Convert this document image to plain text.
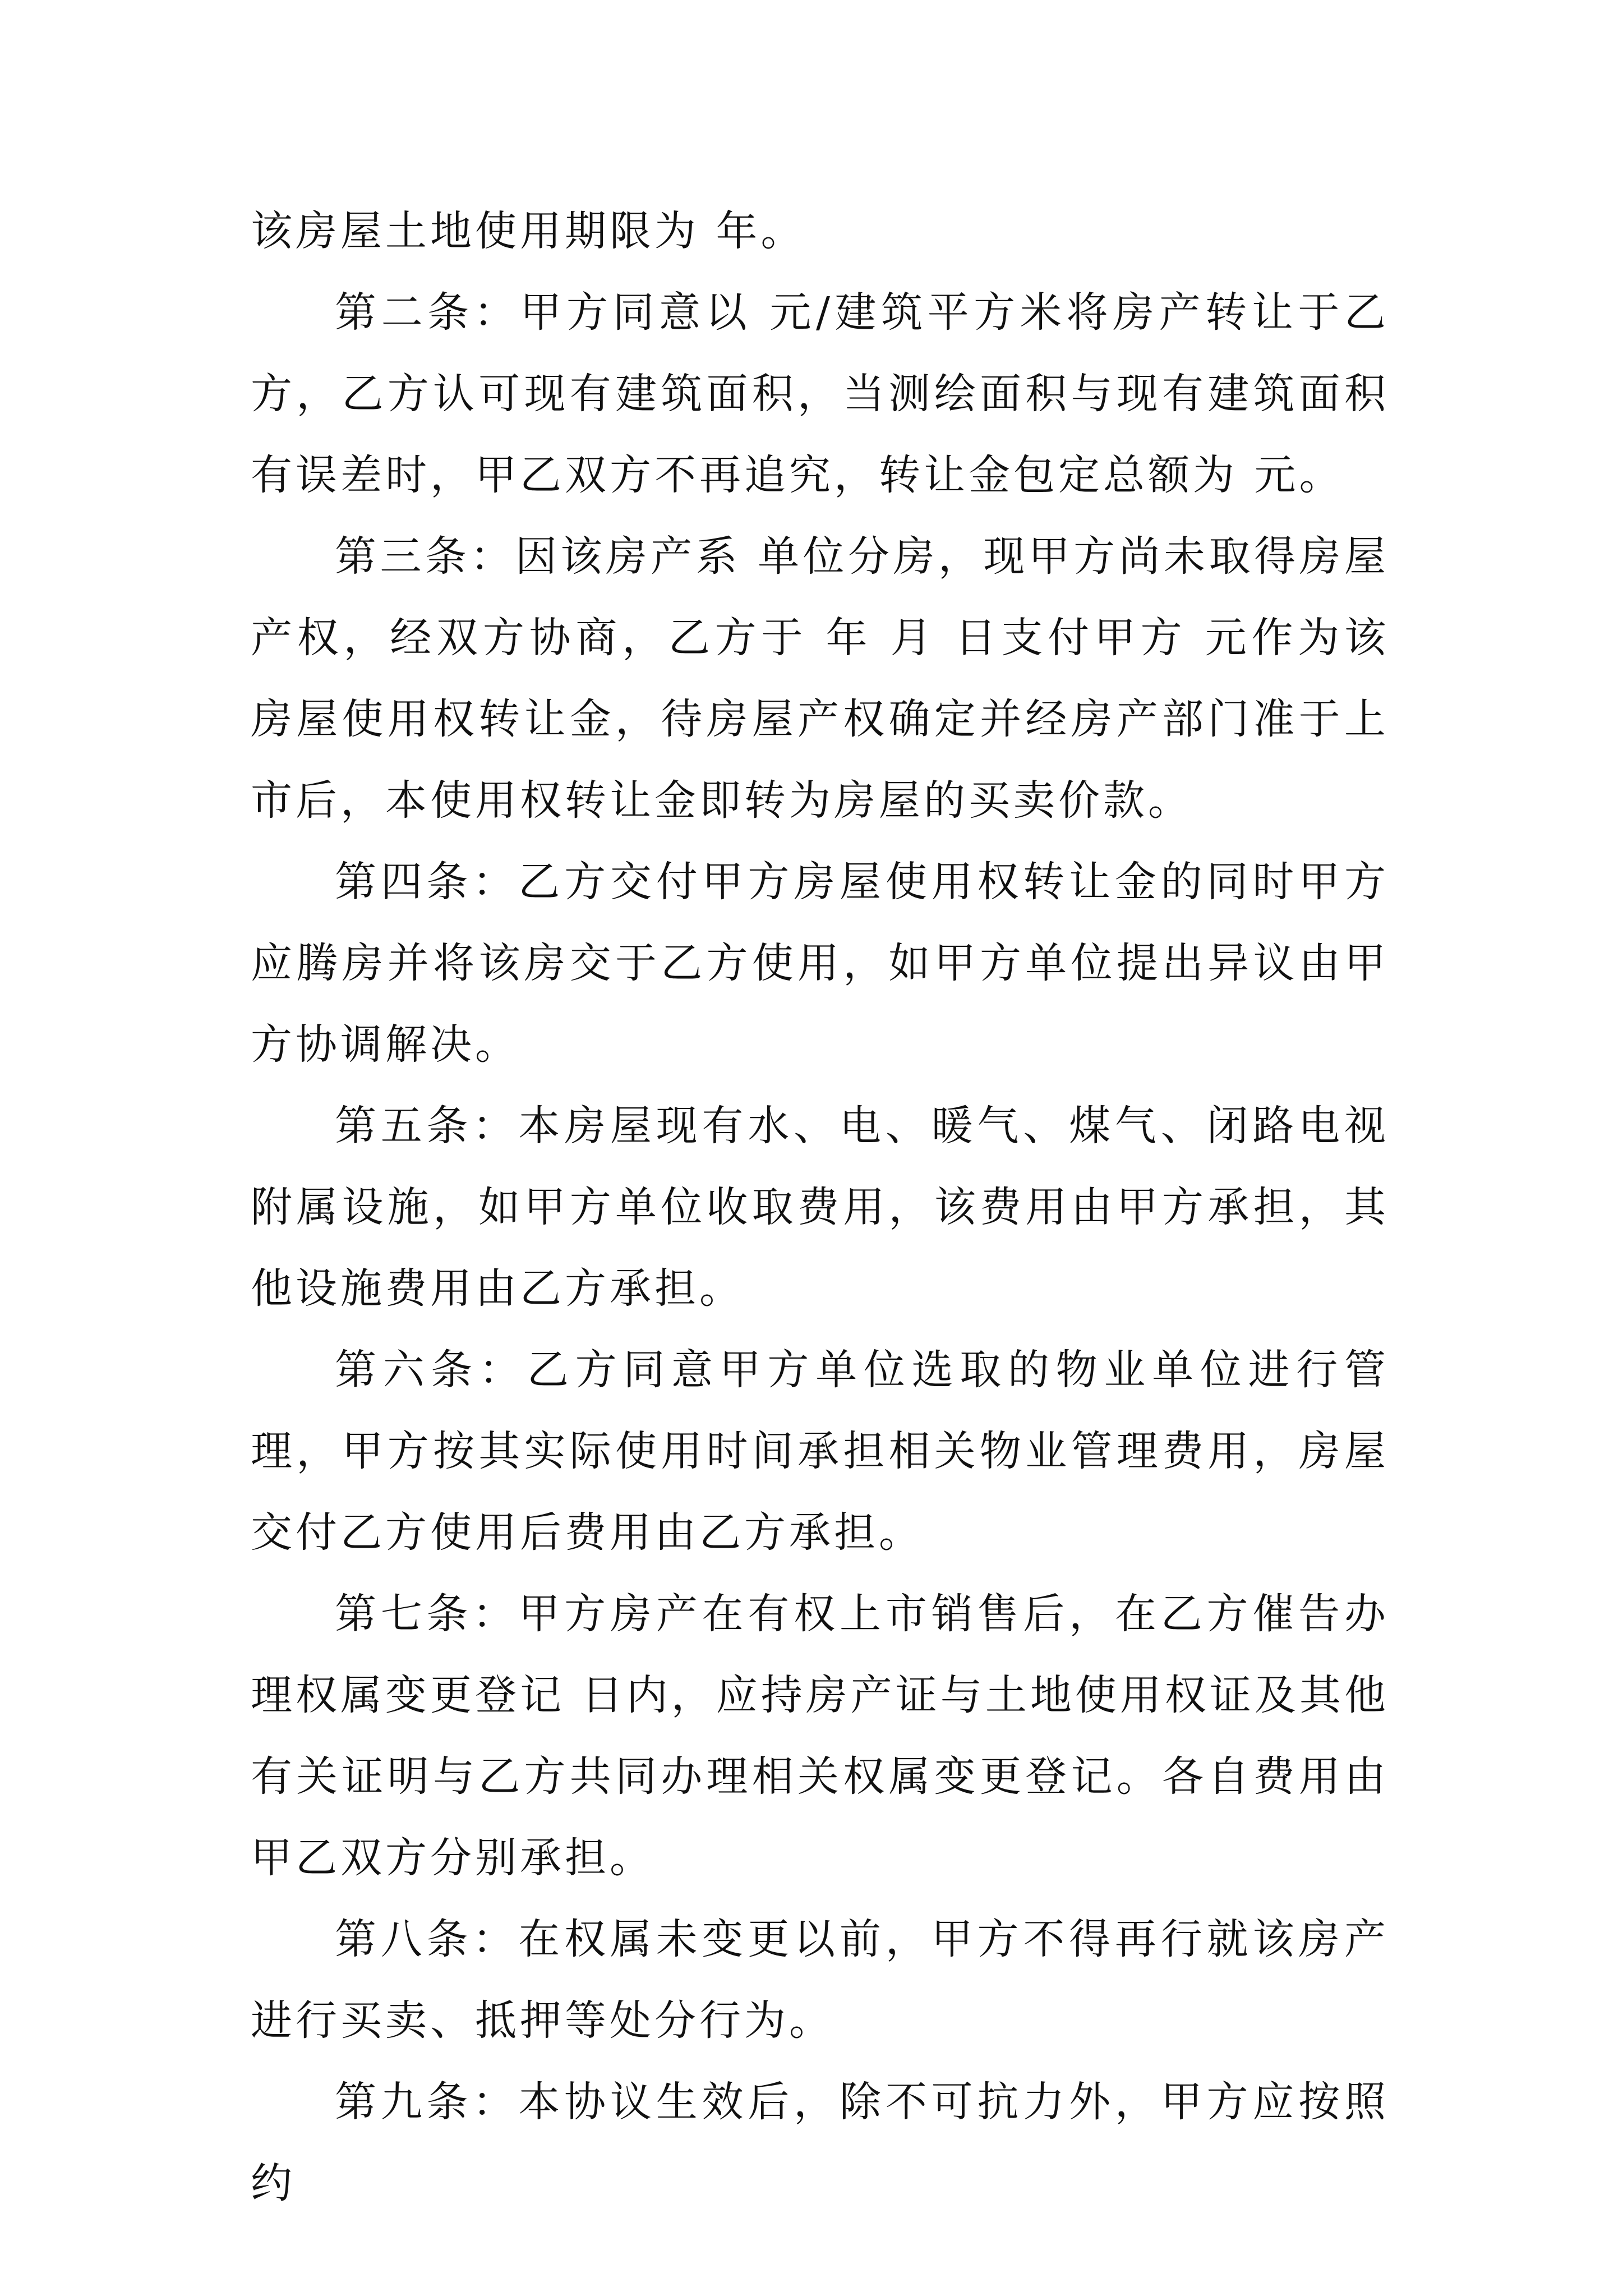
该房屋土地使用期限为 年。

第二条：甲方同意以 元/建筑平方米将房产转让于乙方，乙方认可现有建筑面积，当测绘面积与现有建筑面积有误差时，甲乙双方不再追究，转让金包定总额为 元。

第三条：因该房产系 单位分房，现甲方尚未取得房屋产权，经双方协商，乙方于 年 月 日支付甲方 元作为该房屋使用权转让金，待房屋产权确定并经房产部门准于上市后，本使用权转让金即转为房屋的买卖价款。

第四条：乙方交付甲方房屋使用权转让金的同时甲方应腾房并将该房交于乙方使用，如甲方单位提出异议由甲方协调解决。

第五条：本房屋现有水、电、暖气、煤气、闭路电视附属设施，如甲方单位收取费用，该费用由甲方承担，其他设施费用由乙方承担。

第六条：乙方同意甲方单位选取的物业单位进行管理，甲方按其实际使用时间承担相关物业管理费用，房屋交付乙方使用后费用由乙方承担。

第七条：甲方房产在有权上市销售后，在乙方催告办理权属变更登记 日内，应持房产证与土地使用权证及其他有关证明与乙方共同办理相关权属变更登记。各自费用由甲乙双方分别承担。

第八条：在权属未变更以前，甲方不得再行就该房产进行买卖、抵押等处分行为。

第九条：本协议生效后，除不可抗力外，甲方应按照约
